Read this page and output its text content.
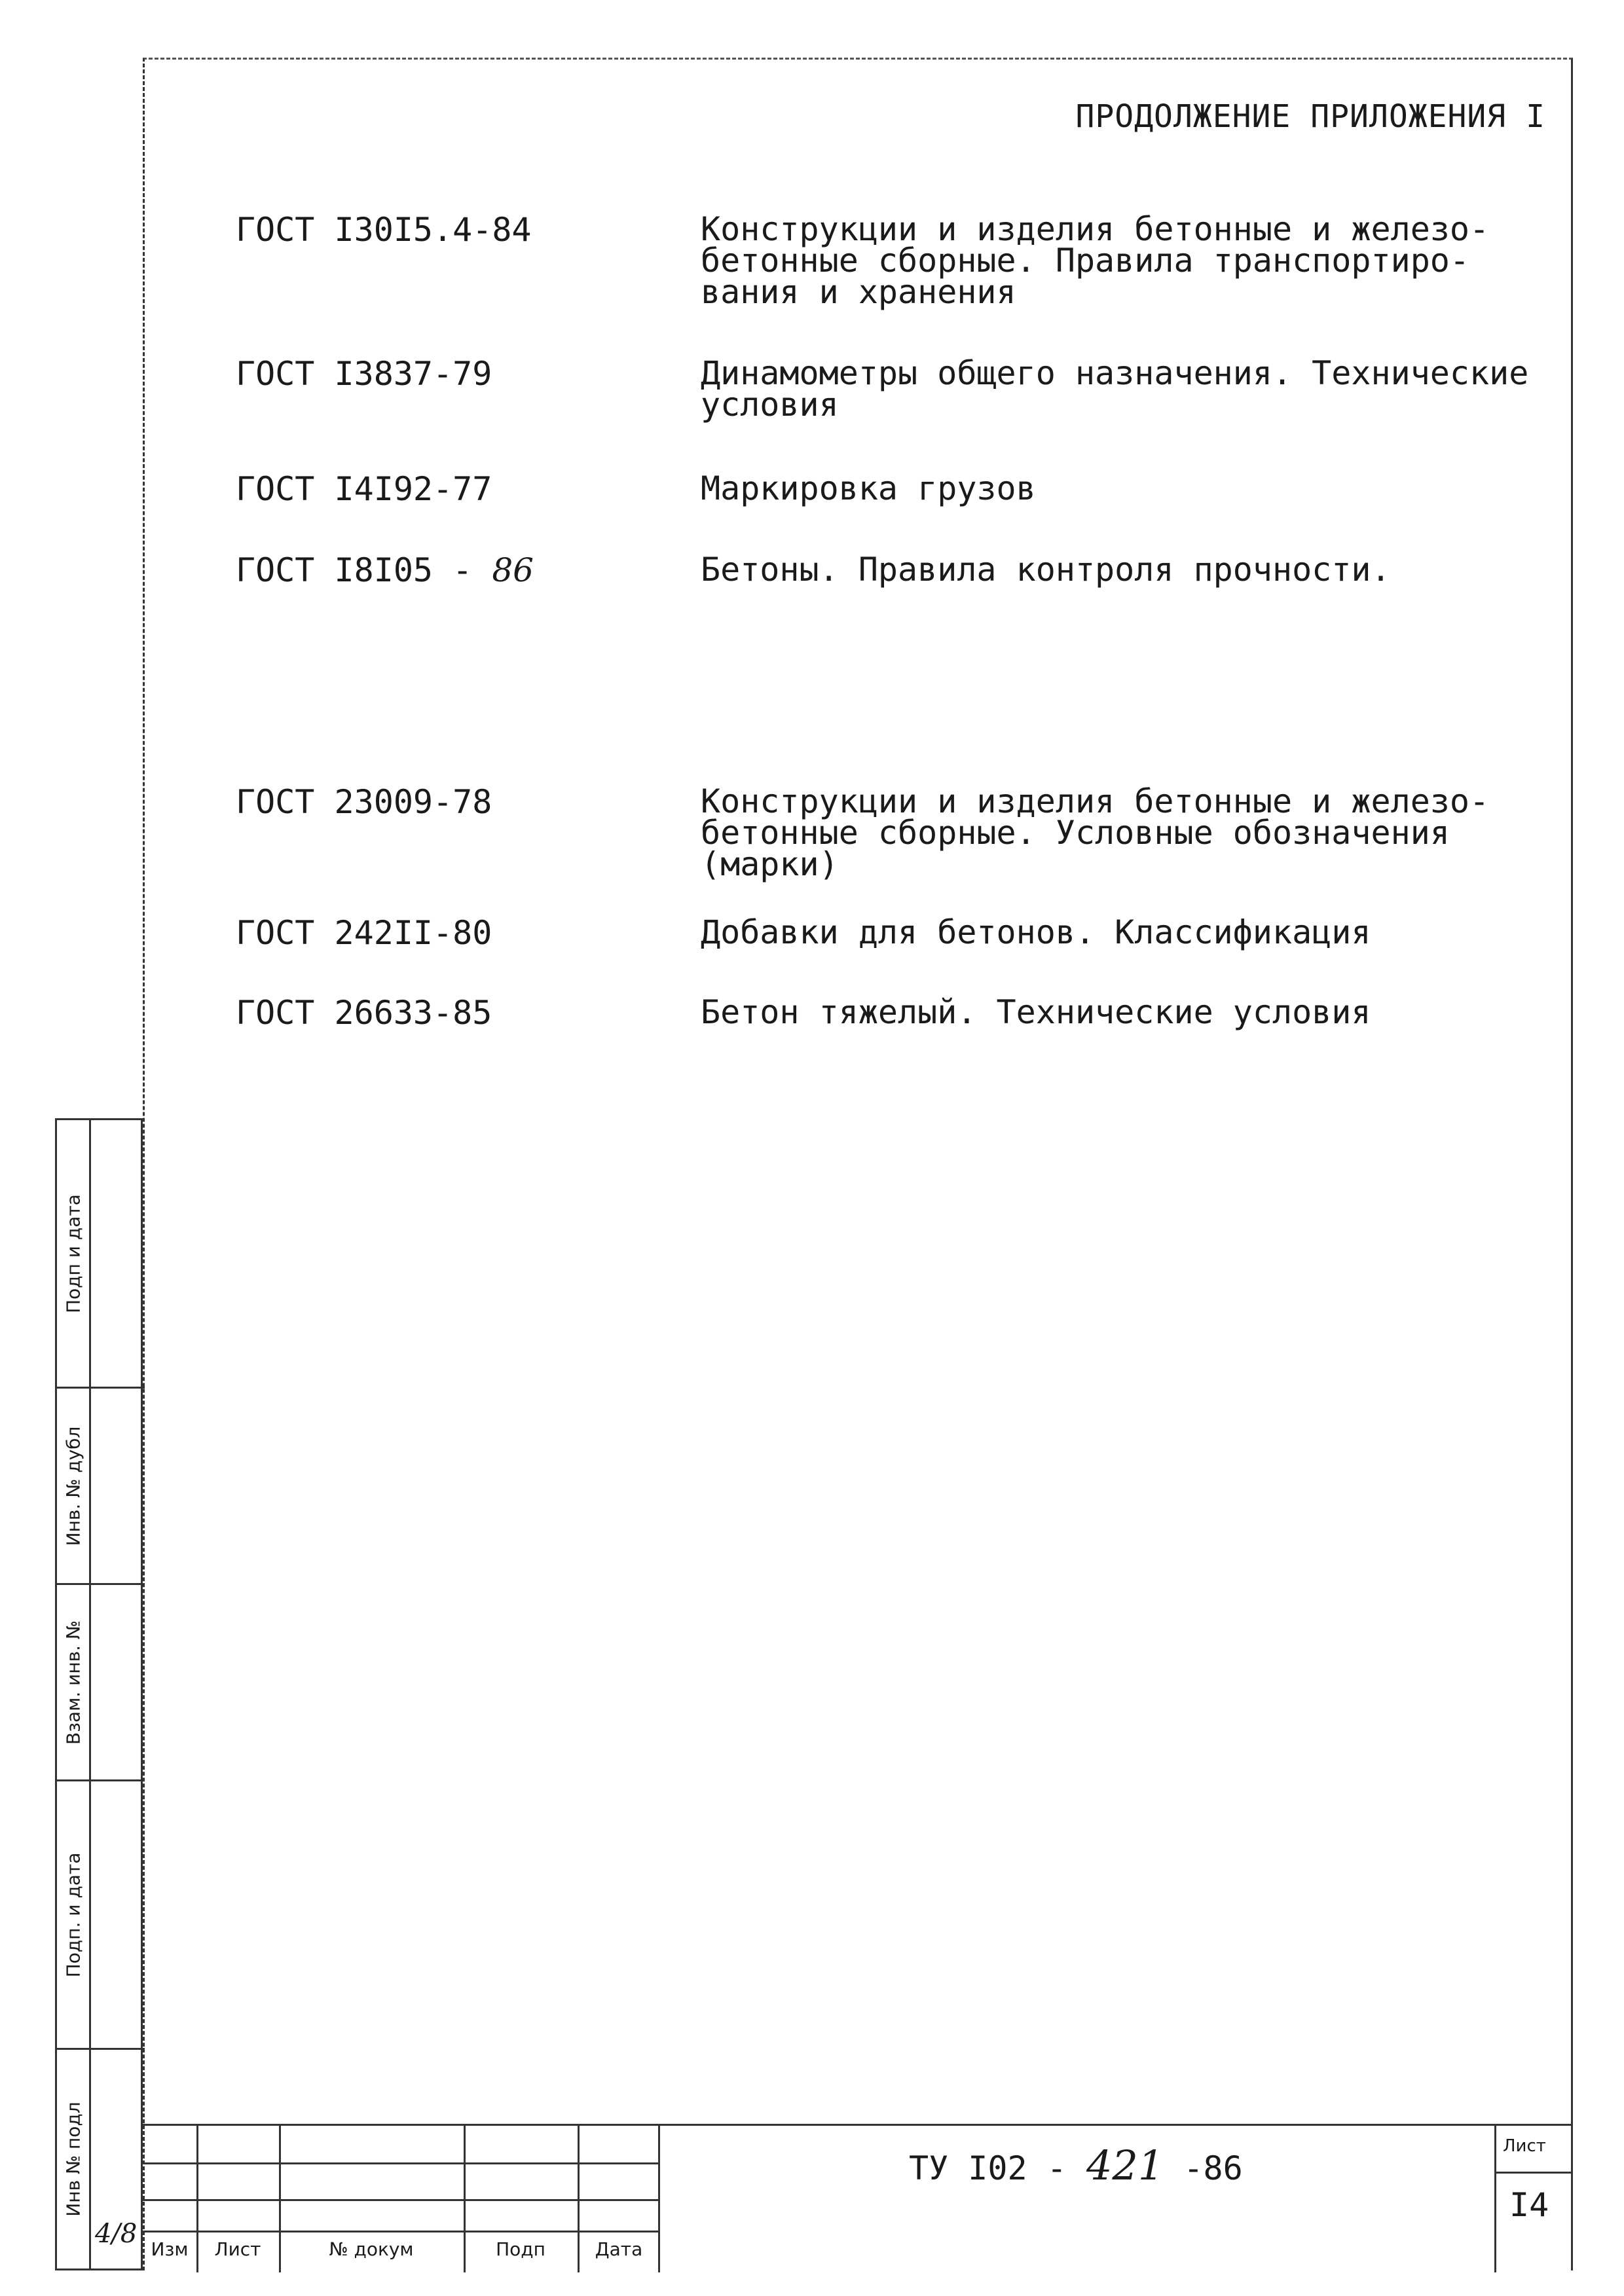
ПРОДОЛЖЕНИЕ ПРИЛОЖЕНИЯ I
ГОСТ I30I5.4-84	Конструкции и изделия бетонные и железо-бетонные сборные. Правила транспортиро-вания и хранения
ГОСТ I3837-79	Динамометры общего назначения. Технические условия
ГОСТ I4I92-77	Маркировка грузов
ГОСТ I8I05 - 86	Бетоны. Правила контроля прочности.
ГОСТ 23009-78	Конструкции и изделия бетонные и железо-бетонные сборные. Условные обозначения (марки)
ГОСТ 242II-80	Добавки для бетонов. Классификация
ГОСТ 26633-85	Бетон тяжелый. Технические условия
Подп и дата
Инв. № дубл
Взам. инв. №
Подп. и дата
Инв № подл
4/8
Изм	Лист	№ докум	Подп	Дата
ТУ I02 - 421 -86
Лист
I4
